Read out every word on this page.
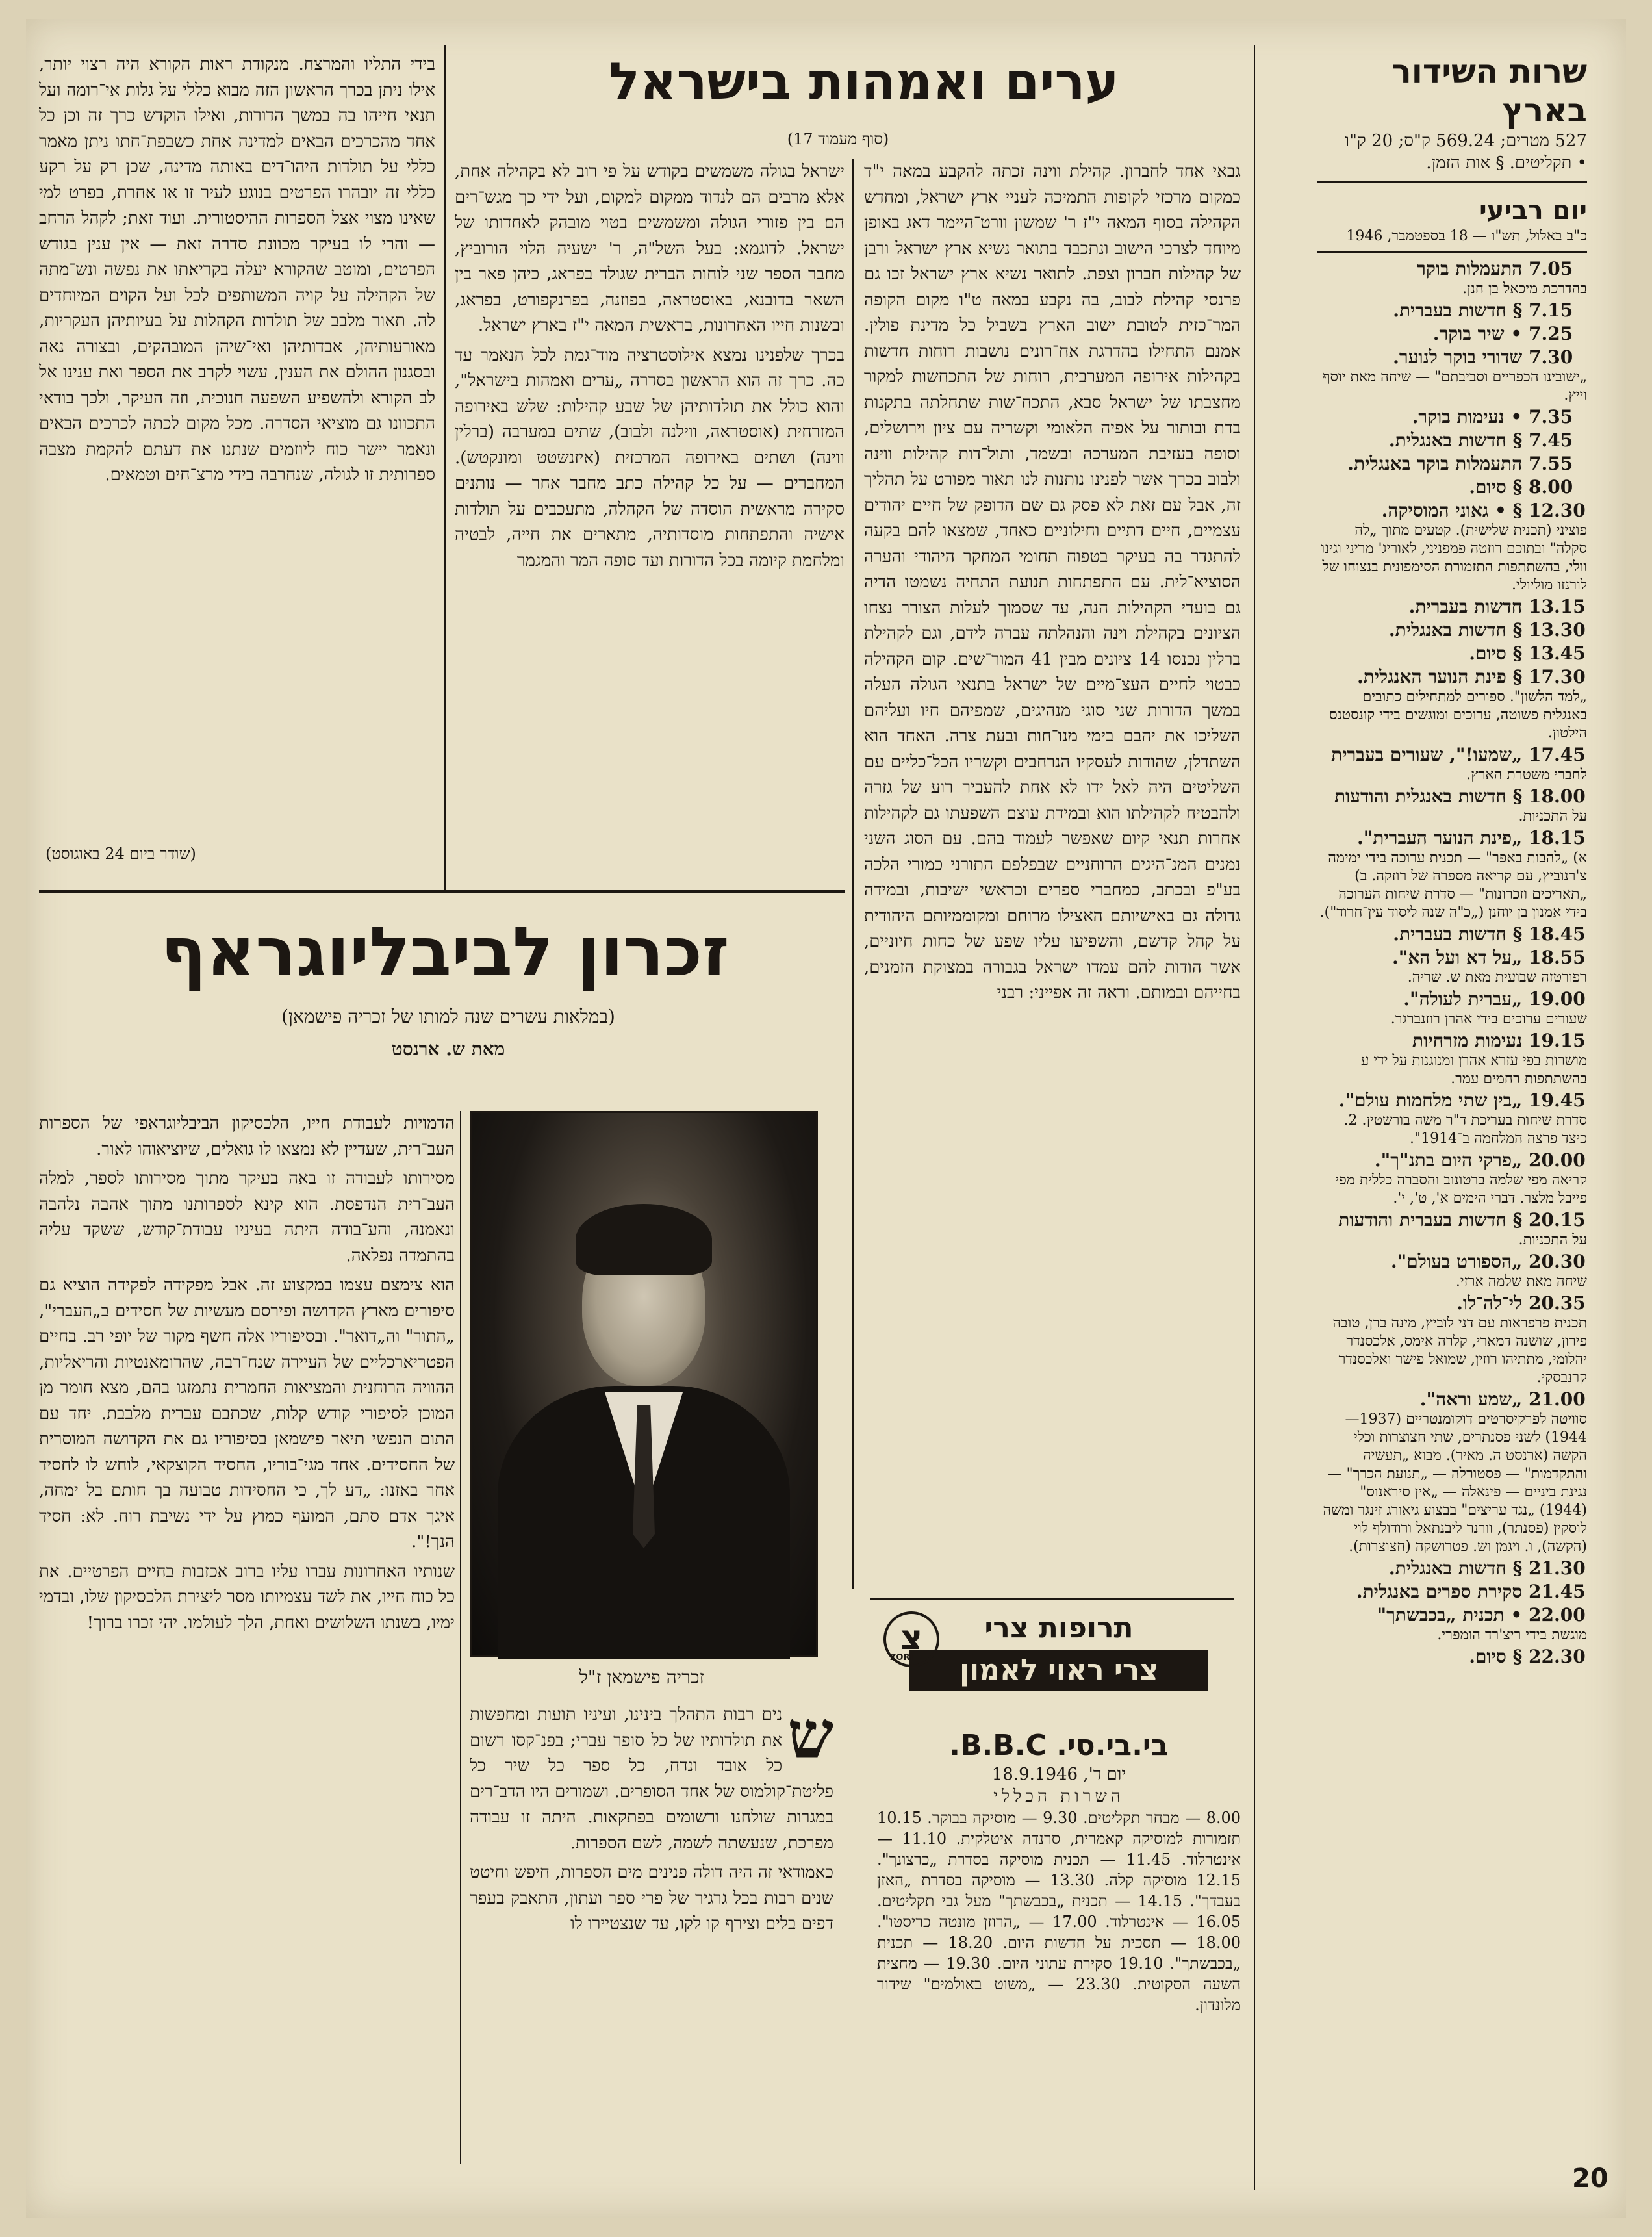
שרות השידור בארץ
527 מטרים; 569.24 ק"ס; 20 ק"ו
• תקליטים. § אות הזמן.
יום רביעי
כ"ב באלול, תש"ו — 18 בספטמבר, 1946
7.05 התעמלות בוקר
בהדרכת מיכאל בן חנן.
7.15 § חדשות בעברית.
7.25 • שיר בוקר.
7.30 שדורי בוקר לנוער.
„ישובינו הכפריים וסביבתם" — שיחה מאת יוסף וייץ.
7.35 • נעימות בוקר.
7.45 § חדשות באנגלית.
7.55 התעמלות בוקר באנגלית.
8.00 § סיום.
12.30 § • גאוני המוסיקה.
פוציני (תכנית שלישית). קטעים מתוך „לה סקלה" ובתוכם רוזטה פמפניני, לאוריג' מריני וגינו וולי, בהשתתפות התזמורת הסימפונית בנצוחו של לורנזו מוליולי.
13.15 חדשות בעברית.
13.30 § חדשות באנגלית.
13.45 § סיום.
17.30 § פינת הנוער האנגלית.
„למד הלשון". ספורים למתחילים כתובים באנגלית פשוטה, ערוכים ומוגשים בידי קונסטנס הילטון.
17.45 „שמעו!", שעורים בעברית
לחברי משטרת הארץ.
18.00 § חדשות באנגלית והודעות
על התכניות.
18.15 „פינת הנוער העברית".
א) „להבות באפר" — תכנית ערוכה בידי ימימה צ'רנוביץ, עם קריאה מספרה של רוזקה. ב) „תאריכים וזכרונות" — סדרת שיחות הערוכה בידי אמנון בן יוחנן („כ"ה שנה ליסוד עין־חרוד").
18.45 § חדשות בעברית.
18.55 „על דא ועל הא".
רפורטזה שבועית מאת ש. שריה.
19.00 „עברית לעולה".
שעורים ערוכים בידי אהרן רוזנברגר.
19.15 נעימות מזרחיות
מושרות בפי עזרא אהרן ומנוגנות על ידי ע בהשתתפות רחמים עמר.
19.45 „בין שתי מלחמות עולם".
סדרת שיחות בעריכת ד"ר משה בורשטין. 2. כיצד פרצה המלחמה ב־1914".
20.00 „פרקי היום בתנ"ך".
קריאה מפי שלמה ברטונוב והסברה כללית מפי פייבל מלצר. דברי הימים א', ט', י'.
20.15 § חדשות בעברית והודעות
על התכניות.
20.30 „הספורט בעולם".
שיחה מאת שלמה ארזי.
20.35 לי־לה־לו.
תכנית פרפראות עם דני לוביץ, מינה ברן, טובה פירון, שושנה דמארי, קלרה אימס, אלכסנדר יהלומי, מתתיהו רוזין, שמואל פישר ואלכסנדר קרנבסקי.
21.00 „שמע וראה".
סוויטה לפרקיסרטים דוקומנטריים (1937—1944) לשני פסנתרים, שתי חצוצרות וכלי הקשה (ארנסט ה. מאיר). מבוא „תעשיה והתקדמות" — פסטורלה — „תנועת הכרך" — נגינת ביניים — פינאלה — „אין סיראנוס" (1944) „נגד עריצים" בבצוע גיאורג זינגר ומשה לוסקין (פסנתר), וורנר ליבנתאל ורודולף לוי (הקשה), ו. ויגמן וש. פטרושקה (חצוצרות).
21.30 § חדשות באנגלית.
21.45 סקירת ספרים באנגלית.
22.00 • תכנית „בכבשתך"
מוגשת בידי ריצ'רד הומפרי.
22.30 § סיום.
ערים ואמהות בישראל
(סוף מעמוד 17)

גבאי אחד לחברון. קהילת ווינה זכתה להקבע במאה י"ד כמקום מרכזי לקופות התמיכה לעניי ארץ ישראל, ומחדש הקהילה בסוף המאה י"ז ר' שמשון וורט־היימר דאג באופן מיוחד לצרכי הישוב ונתכבד בתואר נשיא ארץ ישראל ורבן של קהילות חברון וצפת. לתואר נשיא ארץ ישראל זכו גם פרנסי קהילת לבוב, בה נקבע במאה ט"ו מקום הקופה המר־כזית לטובת ישוב הארץ בשביל כל מדינת פולין. אמנם התחילו בהדרגת אח־רונים נושבות רוחות חדשות בקהילות אירופה המערבית, רוחות של התכחשות למקור מחצבתו של ישראל סבא, התכח־שות שתחלתה בתקנות בדת ובותור על אפיה הלאומי וקשריה עם ציון וירושלים, וסופה בעזיבת המערכה ובשמד, ותול־דות קהילות ווינה ולבוב בכרך אשר לפנינו נותנות לנו תאור מפורט על תהליך זה, אבל עם זאת לא פסק גם שם הדופק של חיים יהודים עצמיים, חיים דתיים וחילוניים כאחד, שמצאו להם בקעה להתגדר בה בעיקר בטפוח תחומי המחקר היהודי והערה הסוציא־לית. עם התפתחות תנועת התחיה נשמטו הדיה גם בועדי הקהילות הנה, עד שסמוך לעלות הצורר נצחו הציונים בקהילת וינה והנהלתה עברה לידם, וגם לקהילת ברלין נכנסו 14 ציונים מבין 41 המור־שים. קום הקהילה כבטוי לחיים העצ־מיים של ישראל בתנאי הגולה העלה במשך הדורות שני סוגי מנהיגים, שמפיהם חיו ועליהם השליכו את יהבם בימי מנו־חות ובעת צרה. האחד הוא השתדלן, שהודות לעסקיו הנרחבים וקשריו הכל־כליים עם השליטים היה לאל ידו לא אחת להעביר רוע של גזרה ולהבטיח לקהילתו הוא ובמידת עוצם השפעתו גם לקהילות אחרות תנאי קיום שאפשר לעמוד בהם. עם הסוג השני נמנים המנ־היגים הרוחניים שבפלפם התורני כמורי הלכה בע"פ ובכתב, כמחברי ספרים וכראשי ישיבות, ובמידה גדולה גם באישיותם האצילו מרוחם ומקוממיותם היהודית על קהל קדשם, והשפיעו עליו שפע של כחות חיוניים, אשר הודות להם עמדו ישראל בגבורה במצוקת הזמנים, בחייהם ובמותם. וראה זה אפייני: רבני

ישראל בגולה משמשים בקודש על פי רוב לא בקהילה אחת, אלא מרבים הם לנדוד ממקום למקום, ועל ידי כך מגש־רים הם בין פזורי הגולה ומשמשים בטוי מובהק לאחדותו של ישראל. לדוגמא: בעל השל"ה, ר' ישעיה הלוי הורוביץ, מחבר הספר שני לוחות הברית שגולד בפראג, כיהן פאר בין השאר בדובנא, באוסטראה, בפוזנה, בפרנקפורט, בפראג, ובשנות חייו האחרונות, בראשית המאה י"ז בארץ ישראל.

בכרך שלפנינו נמצא אילוסטרציה מוד־גמת לכל הנאמר עד כה. כרך זה הוא הראשון בסדרה „ערים ואמהות בישראל", והוא כולל את תולדותיהן של שבע קהילות: שלש באירופה המזרחית (אוסטראה, ווילנה ולבוב), שתים במערבה (ברלין ווינה) ושתים באירופה המרכזית (איזנשטט ומונקטש). המחברים — על כל קהילה כתב מחבר אחר — נותנים סקירה מראשית הוסדה של הקהלה, מתעכבים על תולדות אישיה והתפתחות מוסדותיה, מתארים את חייה, לבטיה ומלחמת קיומה בכל הדורות ועד סופה המר והמגמר

בידי התליו והמרצח. מנקודת ראות הקורא היה רצוי יותר, אילו ניתן בכרך הראשון הזה מבוא כללי על גלות אי־רומה ועל תנאי חייהו בה במשך הדורות, ואילו הוקדש כרך זה וכן כל אחד מהכרכים הבאים למדינה אחת כשבפת־חתו ניתן מאמר כללי על תולדות היהו־דים באותה מדינה, שכן רק על רקע כללי זה יובהרו הפרטים בנוגע לעיר זו או אחרת, בפרט למי שאינו מצוי אצל הספרות ההיסטורית. ועוד זאת; לקהל הרחב — והרי לו בעיקר מכוונת סדרה זאת — אין ענין בגודש הפרטים, ומוטב שהקורא יעלה בקריאתו את נפשה ונש־מתה של הקהילה על קויה המשותפים לכל ועל הקוים המיוחדים לה. תאור מלבב של תולדות הקהלות על בעיותיהן העקריות, מאורעותיהן, אבדותיהן ואי־שיהן המובהקים, ובצורה נאה ובסגנון ההולם את הענין, עשוי לקרב את הספר ואת ענינו אל לב הקורא ולהשפיע השפעה חנוכית, וזה העיקר, ולכך בודאי התכוונו גם מוציאי הסדרה. מכל מקום לכתה לכרכים הבאים ונאמר יישר כוח ליוזמים שנתנו את דעתם להקמת מצבה ספרותית זו לגולה, שנחרבה בידי מרצ־חים וטמאים.

(שודר ביום 24 באוגוסט)
זכרון לביבליוגראף
(במלאות עשרים שנה למותו של זכריה פישמאן)
מאת ש. ארנסט
זכריה פישמאן ז"ל

הדמויות לעבודת חייו, הלכסיקון הביבליוגראפי של הספרות העב־רית, שעדיין לא נמצאו לו גואלים, שיוציאוהו לאור.

מסירותו לעבודה זו באה בעיקר מתוך מסירותו לספר, למלה העב־רית הנדפסת. הוא קינא לספרותנו מתוך אהבה נלהבה ונאמנה, והע־בודה היתה בעיניו עבודת־קודש, ששקד עליה בהתמדה נפלאה.

הוא צימצם עצמו במקצוע זה. אבל מפקידה לפקידה הוציא גם סיפורים מארץ הקדושה ופירסם מעשיות של חסידים ב„העברי", „התור" וה„דואר". ובסיפוריו אלה חשף מקור של יופי רב. בחיים הפטריארכליים של העיירה שנח־רבה, שהרומאנטיות והריאליות, ההוויה הרוחנית והמציאות החמרית נתמזגו בהם, מצא חומר מן המוכן לסיפורי קודש קלות, שכתבם עברית מלבבת. יחד עם התום הנפשי תיאר פישמאן בסיפוריו גם את הקדושה המוסרית של החסידים. אחד מגי־בוריו, החסיד הקוצקאי, לוחש לו לחסיד אחר באזנו: „דע לך, כי החסידות טבועה בך חותם בל ימחה, איגך אדם סתם, המועף כמוץ על ידי נשיבת רוח. לא: חסיד הנך!".

שנותיו האחרונות עברו עליו ברוב אכזבות בחיים הפרטיים. את כל כוח חייו, את לשד עצמיותו מסר ליצירת הלכסיקון שלו, ובדמי ימיו, בשנתו השלושים ואחת, הלך לעולמו. יהי זכרו ברוך!

ש
נים רבות התהלך בינינו, ועיניו תועות ומחפשות את תולדותיו של כל סופר עברי; בפנ־קסו רשום כל אובד ונדח, כל ספר כל שיר כל פליטת־קולמוס של אחד הסופרים. ושמורים היו הדב־רים במגרות שולחנו ורשומים בפתקאות. היתה זו עבודה מפרכת, שנעשתה לשמה, לשם הספרות.

כאמודאי זה היה דולה פנינים מים הספרות, חיפש וחיטט שנים רבות בכל גרגיר של פרי ספר ועתון, התאבק בעפר דפים בלים וצירף קו לקו, עד שנצטיירו לו

צ
ZORI
תרופות צרי
צרי ראוי לאמון
בי.בי.סי. B.B.C.
יום ד', 18.9.1946
השרות הכללי
8.00 — מבחר תקליטים. 9.30 — מוסיקה בבוקר. 10.15 תזמורות למוסיקה קאמרית, סרנדה איטלקית. 11.10 — אינטרלוד. 11.45 — תכנית מוסיקה בסדרת „כרצונך". 12.15 מוסיקה קלה. 13.30 — מוסיקה בסדרת „האזן בעבדך". 14.15 — תכנית „בכבשתך" מעל גבי תקליטים. 16.05 — אינטרלוד. 17.00 — „הרוזן מונטה כריסטו". 18.00 — תסכית על חדשות היום. 18.20 — תכנית „בכבשתך". 19.10 סקירת עתוני היום. 19.30 — מחצית השעה הסקוטית. 23.30 — „משוט באולמים" שידור מלונדון.
20
